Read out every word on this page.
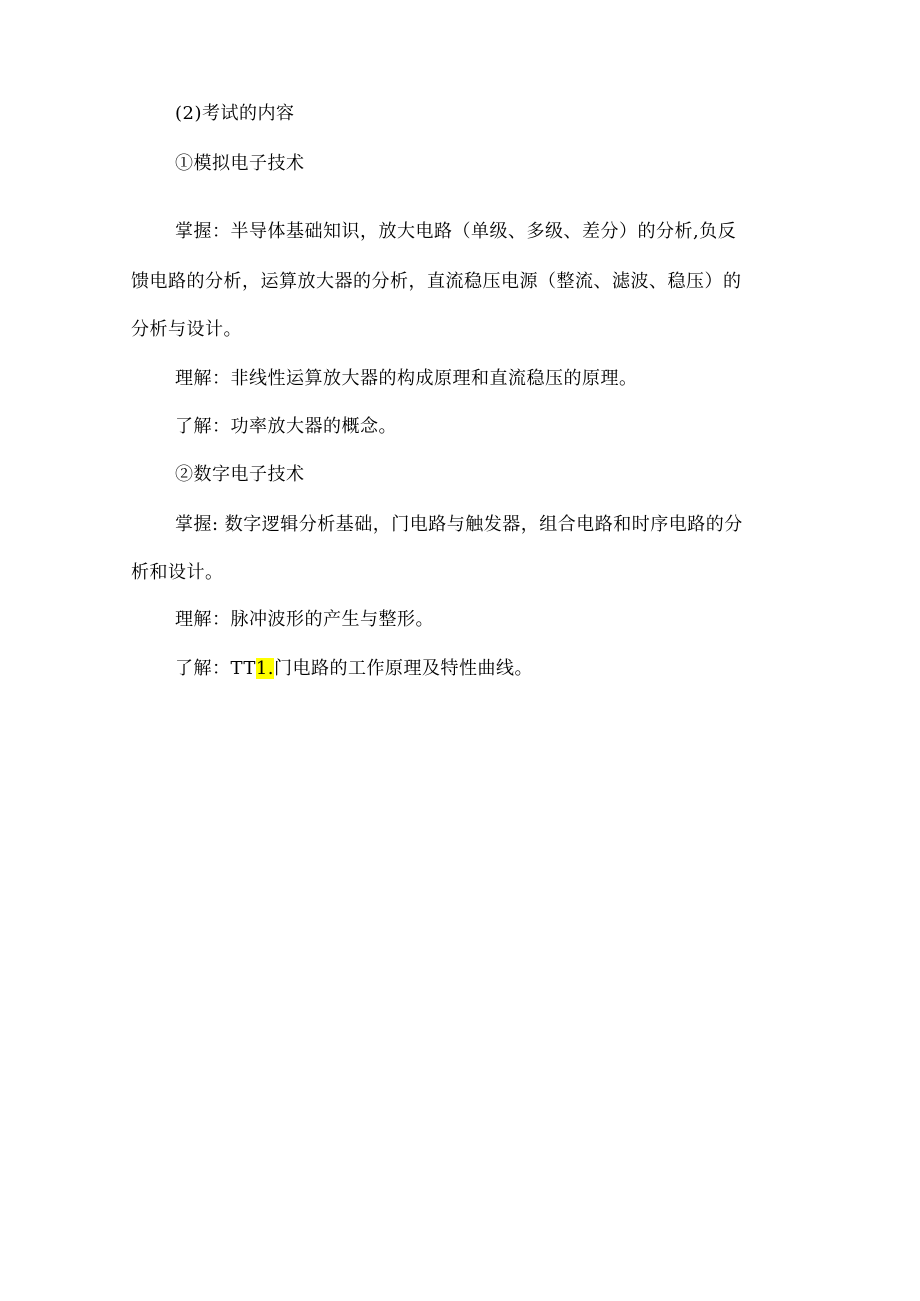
(2)考试的内容
①模拟电子技术
掌握：半导体基础知识，放大电路（单级、多级、差分）的分析,负反
馈电路的分析，运算放大器的分析，直流稳压电源（整流、滤波、稳压）的
分析与设计。
理解：非线性运算放大器的构成原理和直流稳压的原理。
了解：功率放大器的概念。
②数字电子技术
掌握: 数字逻辑分析基础，门电路与触发器，组合电路和时序电路的分
析和设计。
理解：脉冲波形的产生与整形。
了解：TT1.门电路的工作原理及特性曲线。
